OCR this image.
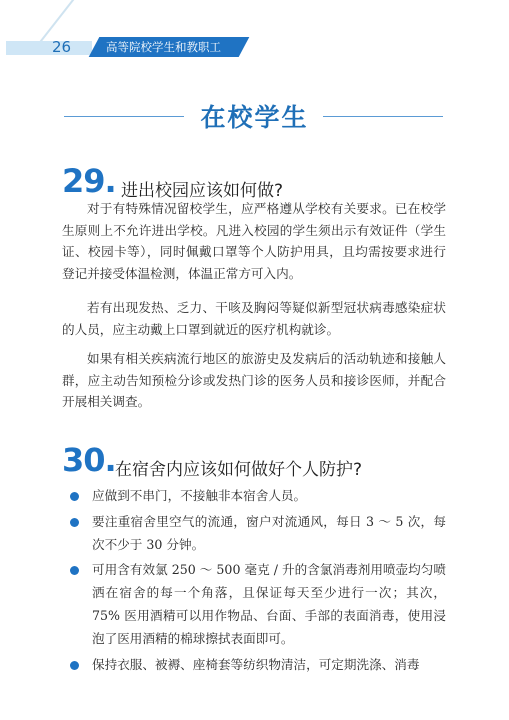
26	高等院校学生和教职工
在校学生
29. 进出校园应该如何做?

对于有特殊情况留校学生，应严格遵从学校有关要求。已在校学生原则上不允许进出学校。凡进入校园的学生须出示有效证件（学生证、校园卡等），同时佩戴口罩等个人防护用具，且均需按要求进行登记并接受体温检测，体温正常方可入内。

若有出现发热、乏力、干咳及胸闷等疑似新型冠状病毒感染症状的人员，应主动戴上口罩到就近的医疗机构就诊。

如果有相关疾病流行地区的旅游史及发病后的活动轨迹和接触人群，应主动告知预检分诊或发热门诊的医务人员和接诊医师，并配合开展相关调查。

30. 在宿舍内应该如何做好个人防护?
应做到不串门，不接触非本宿舍人员。
要注重宿舍里空气的流通，窗户对流通风，每日 3 ～ 5 次，每次不少于 30 分钟。
可用含有效氯 250 ～ 500 毫克 / 升的含氯消毒剂用喷壶均匀喷洒在宿舍的每一个角落，且保证每天至少进行一次；其次，75% 医用酒精可以用作物品、台面、手部的表面消毒，使用浸泡了医用酒精的棉球擦拭表面即可。
保持衣服、被褥、座椅套等纺织物清洁，可定期洗涤、消毒
